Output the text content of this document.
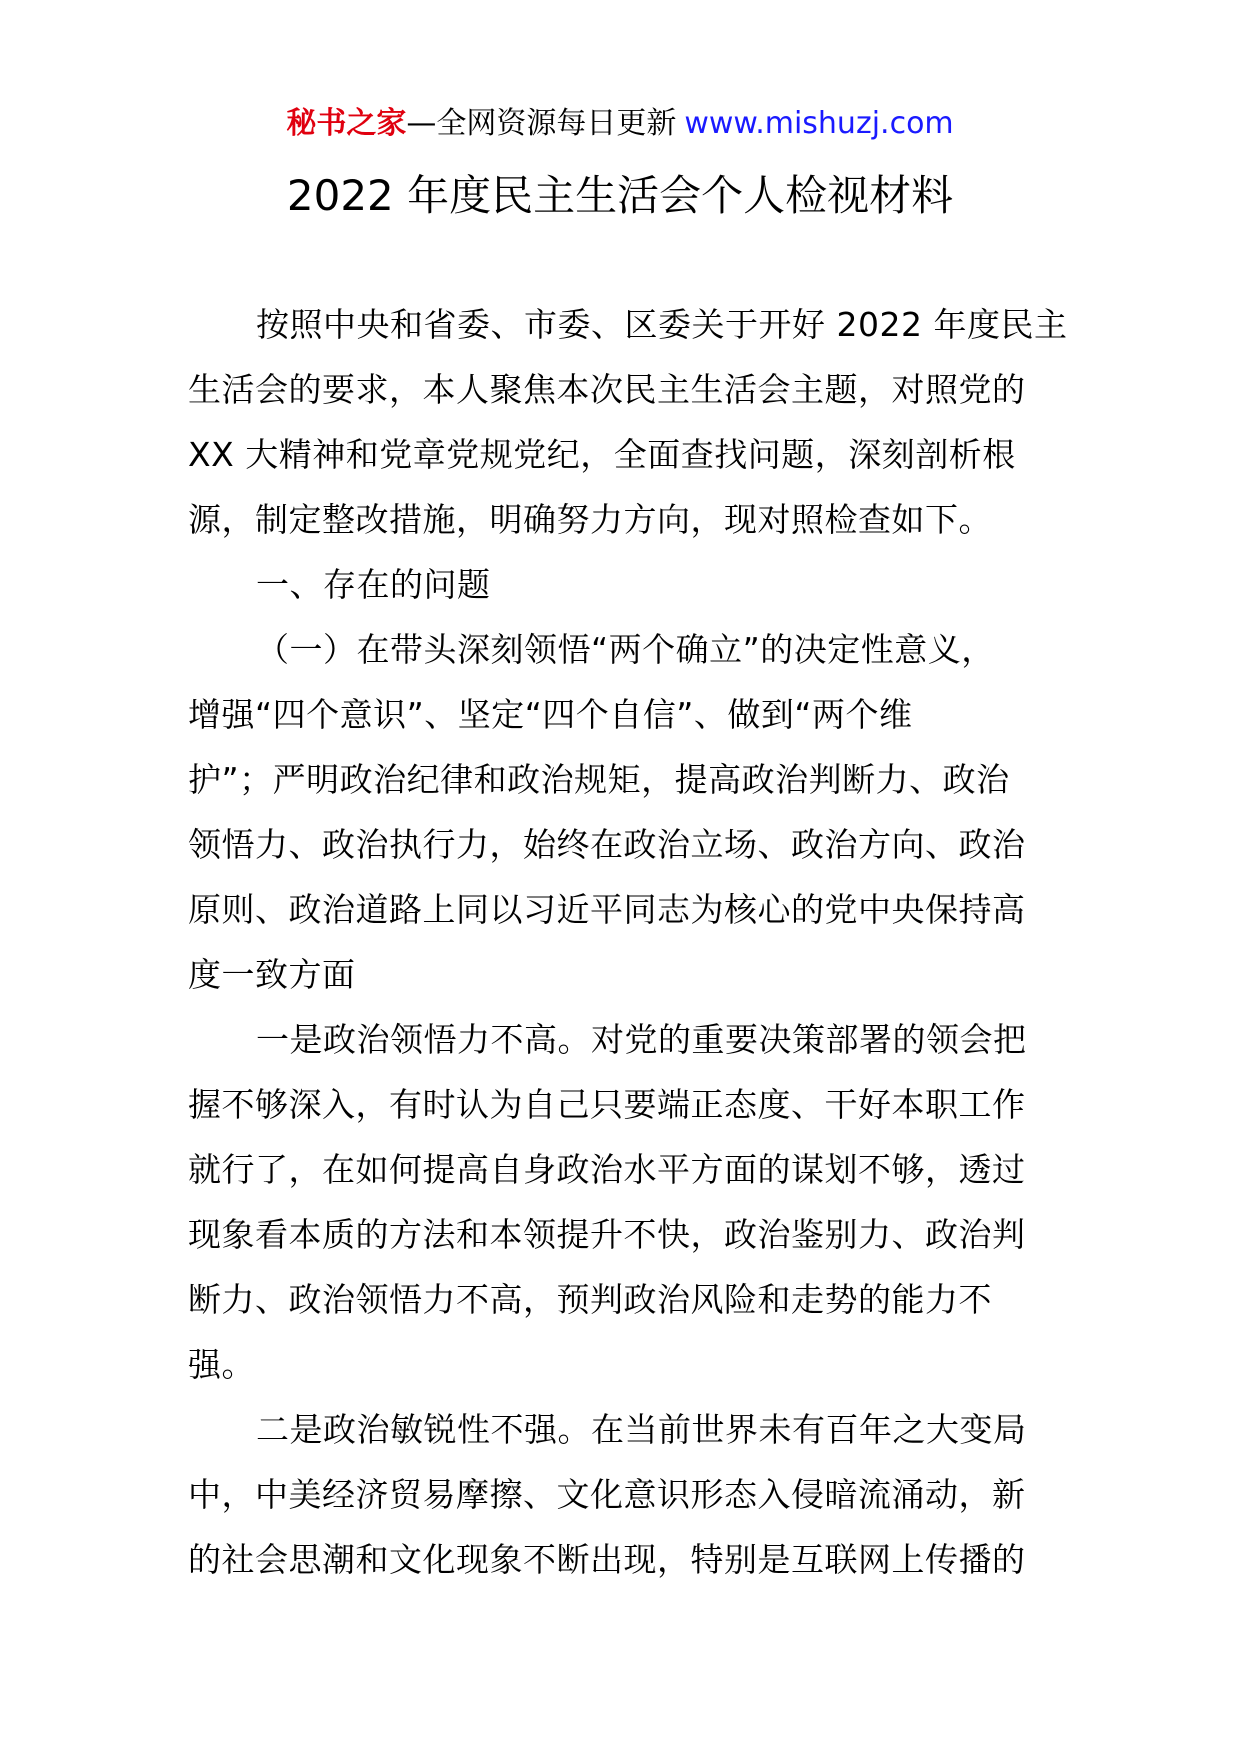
秘书之家—全网资源每日更新 www.mishuzj.com
2022 年度民主生活会个人检视材料
按照中央和省委、市委、区委关于开好 2022 年度民主
生活会的要求，本人聚焦本次民主生活会主题，对照党的
XX 大精神和党章党规党纪，全面查找问题，深刻剖析根
源，制定整改措施，明确努力方向，现对照检查如下。
一、存在的问题
（一）在带头深刻领悟“两个确立”的决定性意义，
增强“四个意识”、坚定“四个自信”、做到“两个维
护”；严明政治纪律和政治规矩，提高政治判断力、政治
领悟力、政治执行力，始终在政治立场、政治方向、政治
原则、政治道路上同以习近平同志为核心的党中央保持高
度一致方面
一是政治领悟力不高。对党的重要决策部署的领会把
握不够深入，有时认为自己只要端正态度、干好本职工作
就行了，在如何提高自身政治水平方面的谋划不够，透过
现象看本质的方法和本领提升不快，政治鉴别力、政治判
断力、政治领悟力不高，预判政治风险和走势的能力不
强。
二是政治敏锐性不强。在当前世界未有百年之大变局
中，中美经济贸易摩擦、文化意识形态入侵暗流涌动，新
的社会思潮和文化现象不断出现，特别是互联网上传播的
